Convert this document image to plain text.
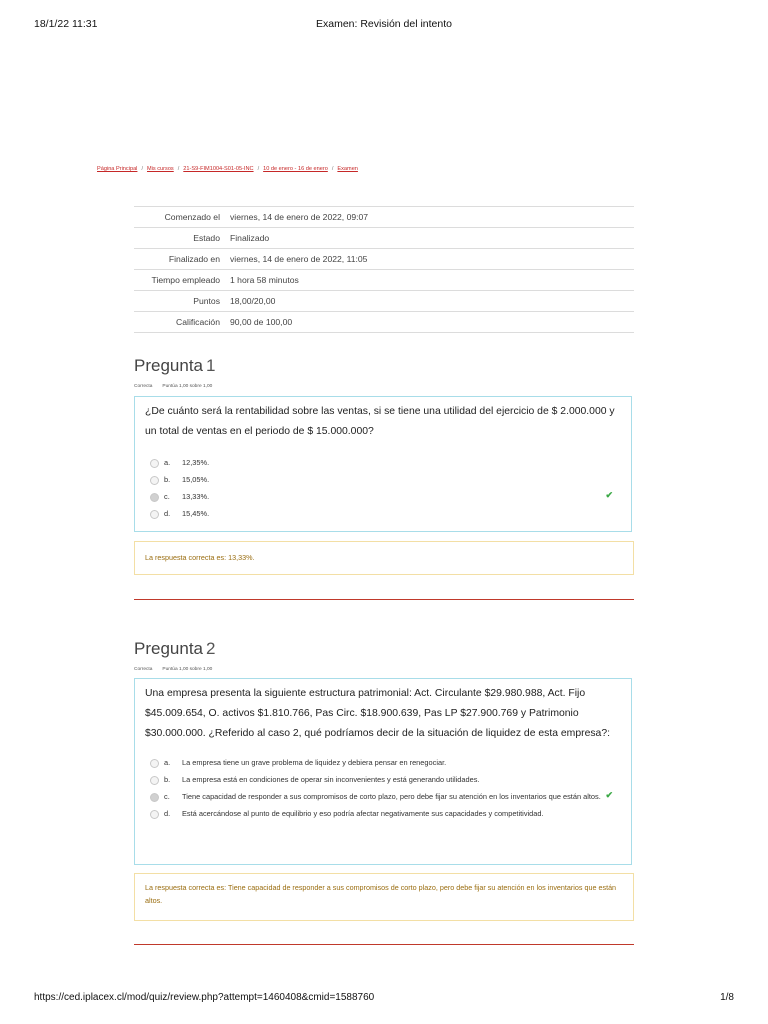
18/1/22 11:31	Examen: Revisión del intento
Página Principal / Mis cursos / 21-S9-FIM1004-S01-05-INC / 10 de enero - 16 de enero / Examen
Comenzado el	viernes, 14 de enero de 2022, 09:07
Estado	Finalizado
Finalizado en	viernes, 14 de enero de 2022, 11:05
Tiempo empleado	1 hora 58 minutos
Puntos	18,00/20,00
Calificación	90,00 de 100,00
Pregunta 1
Correcta Puntúa 1,00 sobre 1,00
¿De cuánto será la rentabilidad sobre las ventas, si se tiene una utilidad del ejercicio de $ 2.000.000 y un total de ventas en el periodo de $ 15.000.000?
a.	12,35%.
b.	15,05%.
c.	13,33%.	✔
d.	15,45%.
La respuesta correcta es: 13,33%.
Pregunta 2
Correcta Puntúa 1,00 sobre 1,00
Una empresa presenta la siguiente estructura patrimonial: Act. Circulante $29.980.988, Act. Fijo $45.009.654, O. activos $1.810.766, Pas Circ. $18.900.639, Pas LP $27.900.769 y Patrimonio $30.000.000. ¿Referido al caso 2, qué podríamos decir de la situación de liquidez de esta empresa?:
a.	La empresa tiene un grave problema de liquidez y debiera pensar en renegociar.
b.	La empresa está en condiciones de operar sin inconvenientes y está generando utilidades.
c.	Tiene capacidad de responder a sus compromisos de corto plazo, pero debe fijar su atención en los inventarios que están altos. ✔
d.	Está acercándose al punto de equilibrio y eso podría afectar negativamente sus capacidades y competitividad.
La respuesta correcta es: Tiene capacidad de responder a sus compromisos de corto plazo, pero debe fijar su atención en los inventarios que están altos.
https://ced.iplacex.cl/mod/quiz/review.php?attempt=1460408&cmid=1588760	1/8
